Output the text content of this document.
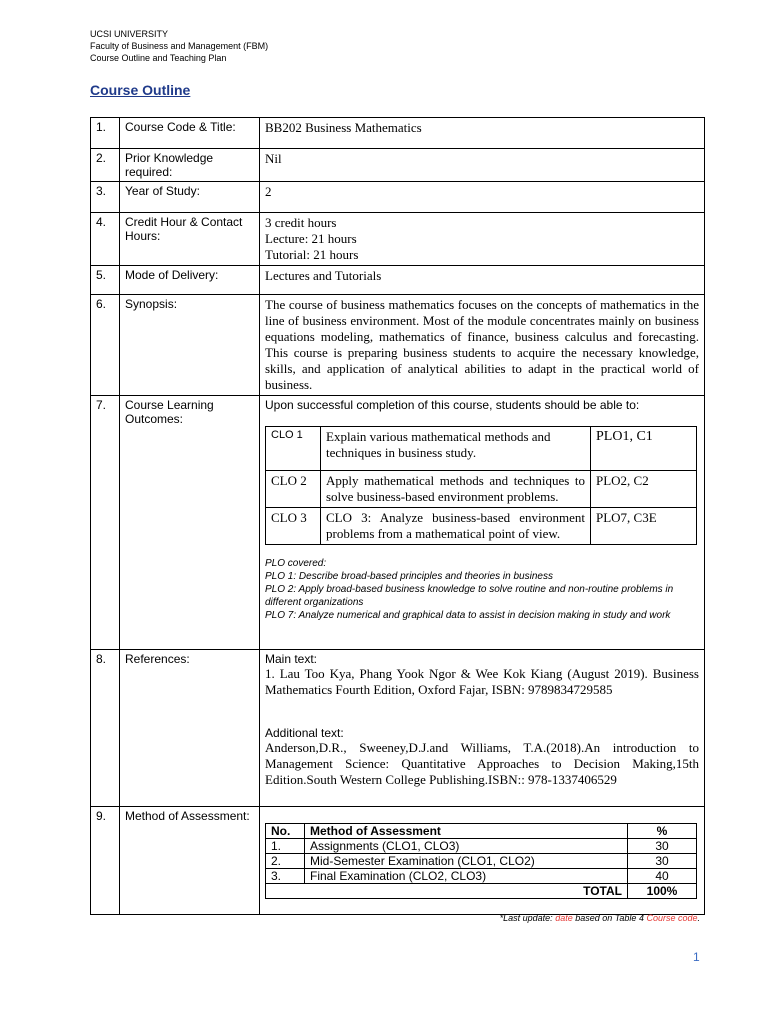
UCSI UNIVERSITY
Faculty of Business and Management (FBM)
Course Outline and Teaching Plan
Course Outline
1.	Course Code & Title:	BB202 Business Mathematics
2.	Prior Knowledge required:	Nil
3.	Year of Study:	2
4.	Credit Hour & Contact Hours:	
3 credit hours
Lecture: 21 hours
Tutorial: 21 hours

5.	Mode of Delivery:	Lectures and Tutorials
6.	Synopsis:	The course of business mathematics focuses on the concepts of mathematics in the line of business environment. Most of the module concentrates mainly on business equations modeling, mathematics of finance, business calculus and forecasting. This course is preparing business students to acquire the necessary knowledge, skills, and application of analytical abilities to adapt in the practical world of business.
7.	Course Learning Outcomes:	
Upon successful completion of this course, students should be able to:
CLO 1	Explain various mathematical methods and techniques in business study.	PLO1, C1
CLO 2	Apply mathematical methods and techniques to solve business-based environment problems.	PLO2, C2
CLO 3	CLO 3: Analyze business-based environment problems from a mathematical point of view.	PLO7, C3E
PLO covered:
PLO 1: Describe broad-based principles and theories in business
PLO 2: Apply broad-based business knowledge to solve routine and non-routine problems in different organizations
PLO 7: Analyze numerical and graphical data to assist in decision making in study and work

8.	References:	Main text:
1. Lau Too Kya, Phang Yook Ngor & Wee Kok Kiang (August 2019). Business Mathematics Fourth Edition, Oxford Fajar, ISBN: 9789834729585
Additional text:
Anderson,D.R., Sweeney,D.J.and Williams, T.A.(2018).An introduction to Management Science: Quantitative Approaches to Decision Making,15th Edition.South Western College Publishing.ISBN:: 978-1337406529

9.	Method of Assessment:	
No.	Method of Assessment	%
1.	Assignments (CLO1, CLO3)	30
2.	Mid-Semester Examination (CLO1, CLO2)	30
3.	Final Examination (CLO2, CLO3)	40
TOTAL	100%
*Last update: date based on Table 4 Course code.
1
